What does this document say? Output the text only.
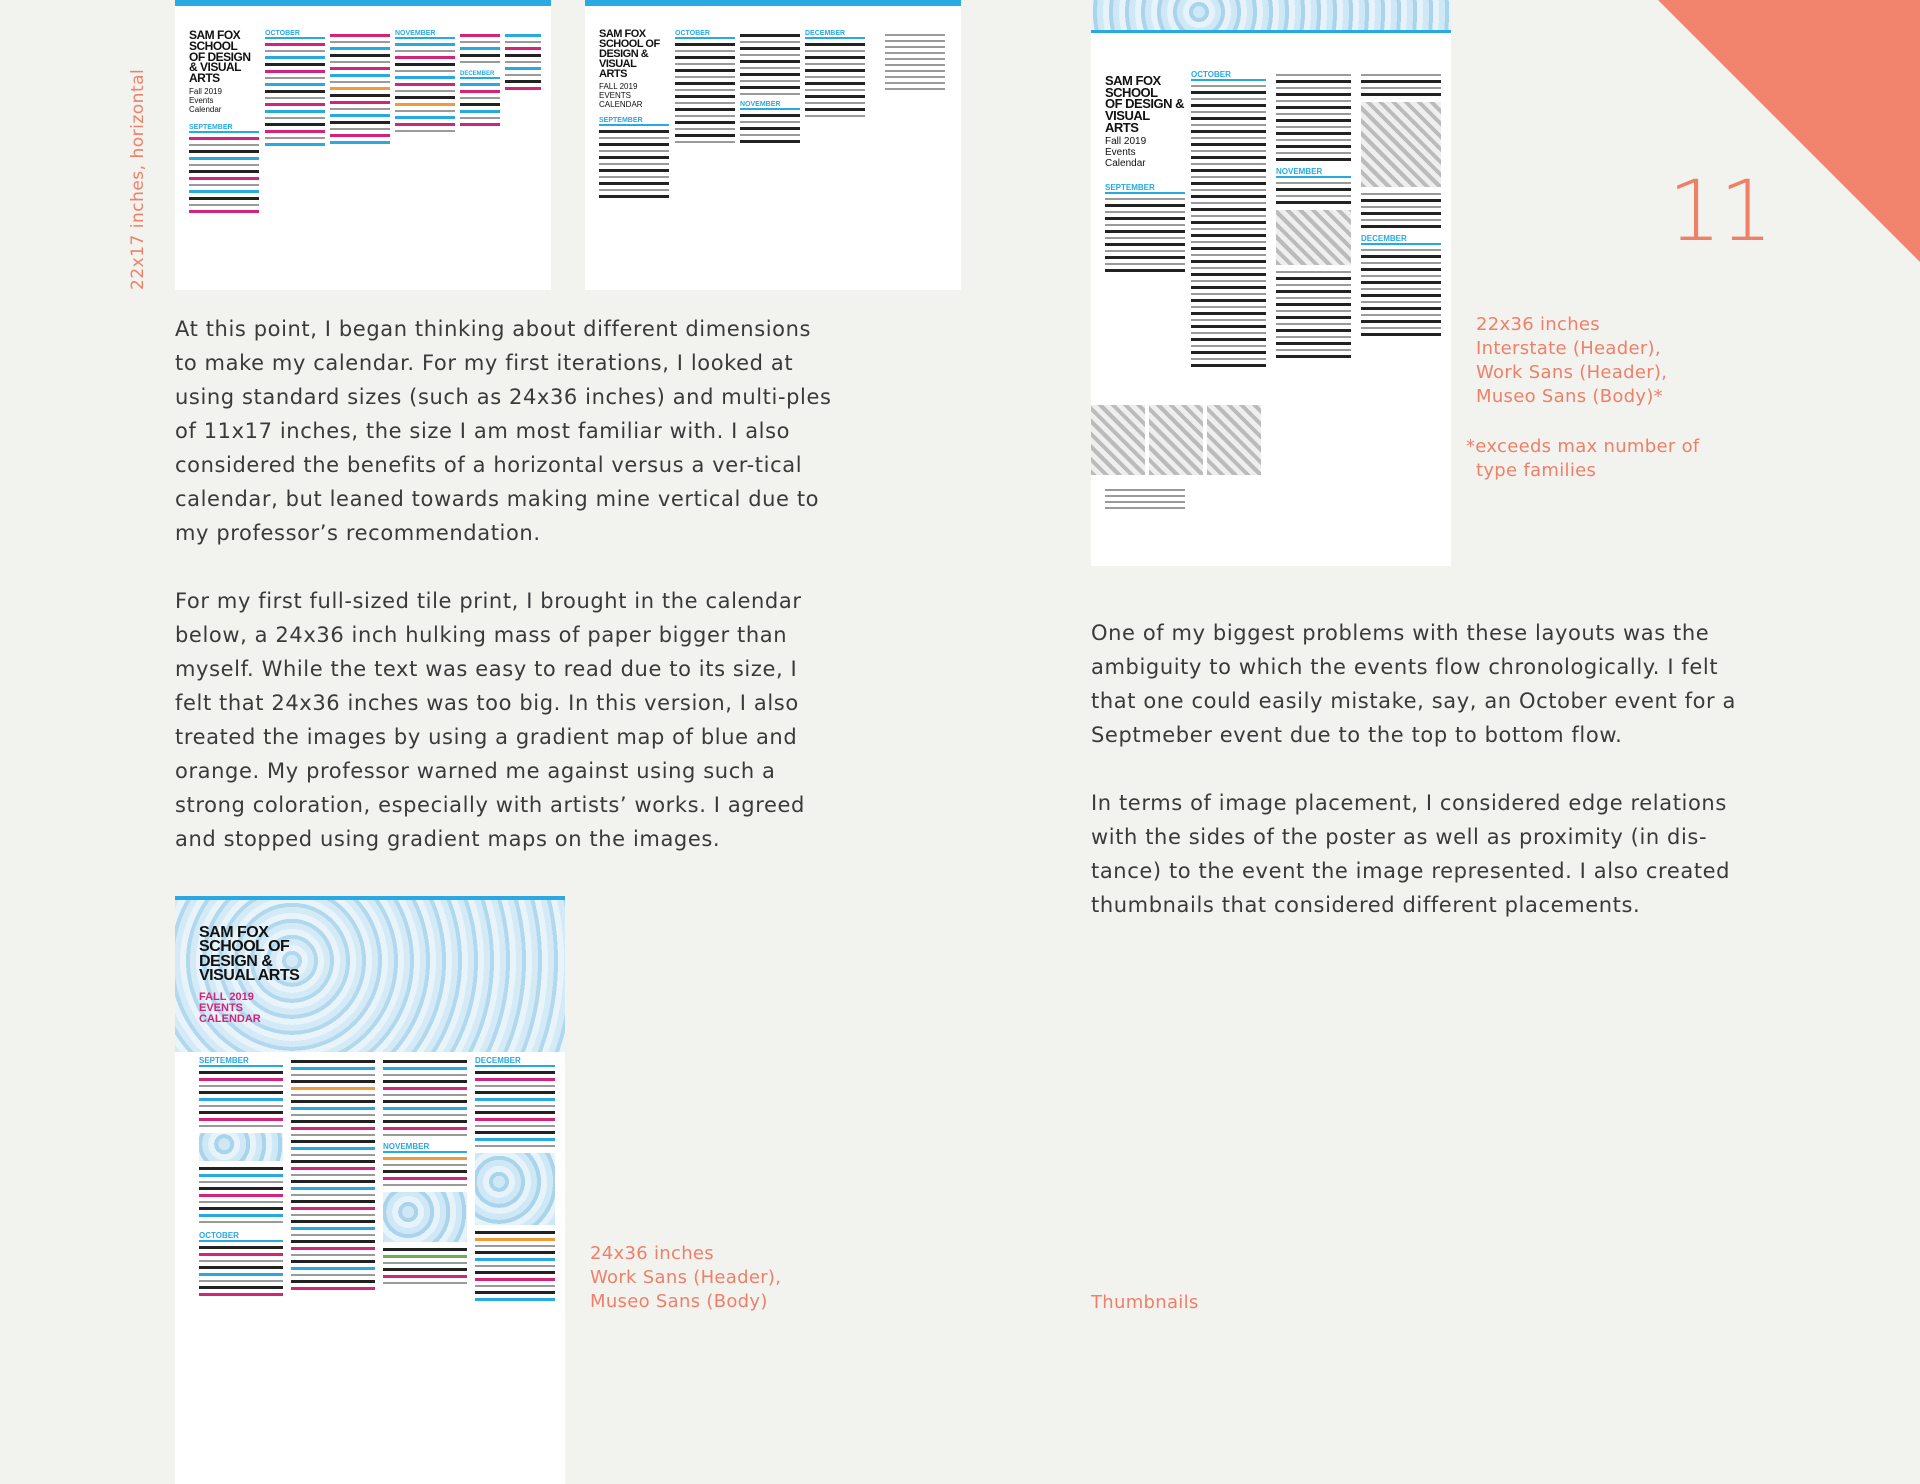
22x17 inches, horizontal	11
SAM FOX
SCHOOL
OF DESIGN
& VISUAL
ARTS
Fall 2019
Events
Calendar
SEPTEMBER
OCTOBER	NOVEMBER
DECEMBER
SAM FOX
SCHOOL OF
DESIGN &
VISUAL
ARTS
FALL 2019
EVENTS
CALENDAR
SEPTEMBER
OCTOBER
NOVEMBER
DECEMBER
SAM FOX
SCHOOL
OF DESIGN &
VISUAL
ARTS
Fall 2019
Events
Calendar
SEPTEMBER
OCTOBER
NOVEMBER
DECEMBER
SAM FOX
SCHOOL OF
DESIGN &
VISUAL ARTS
FALL 2019
EVENTS
CALENDAR
SEPTEMBER
OCTOBER
NOVEMBER
DECEMBER

At this point, I began thinking about different dimensions to make my calendar. For my first iterations, I looked at using standard sizes (such as 24x36 inches) and multi-ples of 11x17 inches, the size I am most familiar with. I also considered the benefits of a horizontal versus a ver-tical calendar, but leaned towards making mine vertical due to my professor’s recommendation.

For my first full-sized tile print, I brought in the calendar below, a 24x36 inch hulking mass of paper bigger than myself. While the text was easy to read due to its size, I felt that 24x36 inches was too big. In this version, I also treated the images by using a gradient map of blue and orange. My professor warned me against using such a strong coloration, especially with artists’ works. I agreed and stopped using gradient maps on the images.

One of my biggest problems with these layouts was the ambiguity to which the events flow chronologically. I felt that one could easily mistake, say, an October event for a Septmeber event due to the top to bottom flow.

In terms of image placement, I considered edge relations with the sides of the poster as well as proximity (in dis-tance) to the event the image represented. I also created thumbnails that considered different placements.

22x36 inches
Interstate (Header),
Work Sans (Header),
Museo Sans (Body)*
*exceeds max number of
type families
24x36 inches
Work Sans (Header),
Museo Sans (Body)	Thumbnails
